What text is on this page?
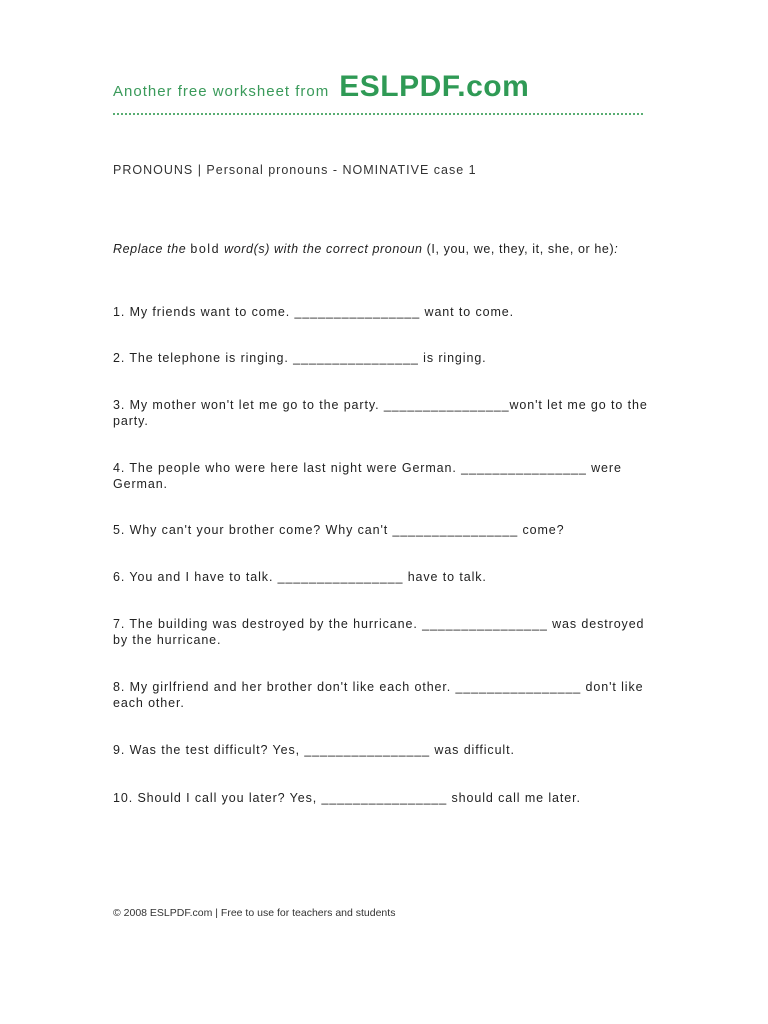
Another free worksheet from ESLPDF.com
PRONOUNS | Personal pronouns - NOMINATIVE case 1
Replace the bold word(s) with the correct pronoun (I, you, we, they, it, she, or he):

1. My friends want to come. ________________ want to come.

2. The telephone is ringing. ________________ is ringing.

3. My mother won't let me go to the party. ________________won't let me go to the party.

4. The people who were here last night were German. ________________ were German.

5. Why can't your brother come? Why can't ________________ come?

6. You and I have to talk. ________________ have to talk.

7. The building was destroyed by the hurricane. ________________ was destroyed by the hurricane.

8. My girlfriend and her brother don't like each other. ________________ don't like each other.

9. Was the test difficult? Yes, ________________ was difficult.

10. Should I call you later? Yes, ________________ should call me later.

© 2008 ESLPDF.com | Free to use for teachers and students
